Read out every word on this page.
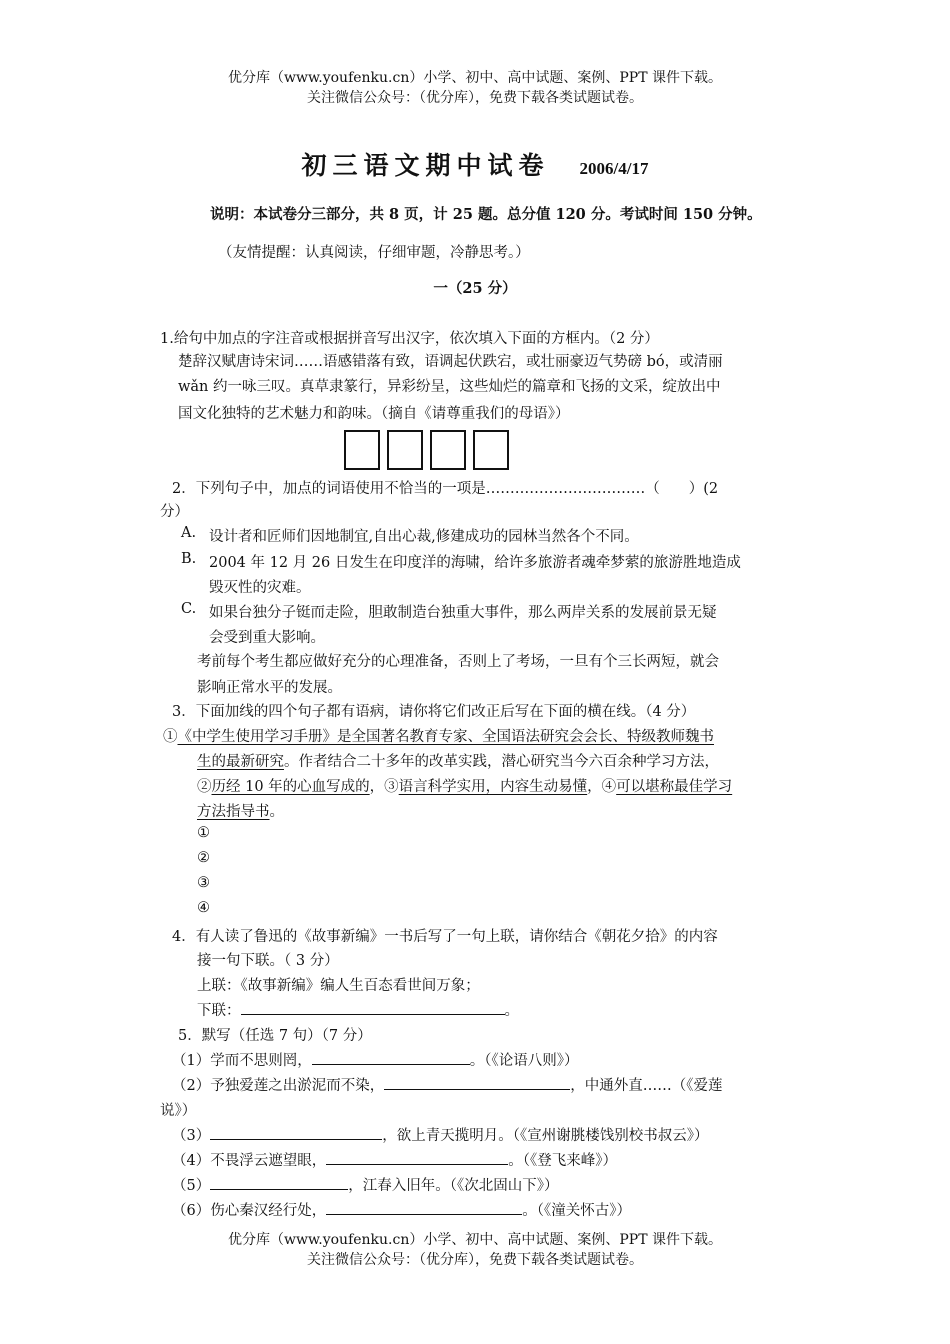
优分库（www.youfenku.cn）小学、初中、高中试题、案例、PPT 课件下载。
关注微信公众号：（优分库），免费下载各类试题试卷。
初三语文期中试卷 2006/4/17
说明：本试卷分三部分，共 8 页，计 25 题。总分值 120 分。考试时间 150 分钟。
（友情提醒：认真阅读，仔细审题，冷静思考。）
一（25 分）
1.给句中加点的字注音或根据拼音写出汉字，依次填入下面的方框内。（2 分）
楚辞汉赋唐诗宋词……语感错落有致，语调起伏跌宕，或壮丽豪迈气势磅 bó，或清丽
wǎn 约一咏三叹。真草隶篆行，异彩纷呈，这些灿烂的篇章和飞扬的文采，绽放出中
国文化独特的艺术魅力和韵味。（摘自《请尊重我们的母语》）
2．下列句子中，加点的词语使用不恰当的一项是……………………………（　　）(2
分）
A. 设计者和匠师们因地制宜,自出心裁,修建成功的园林当然各个不同。
B. 2004 年 12 月 26 日发生在印度洋的海啸，给许多旅游者魂牵梦萦的旅游胜地造成
毁灭性的灾难。
C. 如果台独分子铤而走险，胆敢制造台独重大事件，那么两岸关系的发展前景无疑
会受到重大影响。
考前每个考生都应做好充分的心理准备，否则上了考场，一旦有个三长两短，就会
影响正常水平的发展。
3．下面加线的四个句子都有语病，请你将它们改正后写在下面的横在线。（4 分）
①《中学生使用学习手册》是全国著名教育专家、全国语法研究会会长、特级教师魏书
生的最新研究。作者结合二十多年的改革实践，潜心研究当今六百余种学习方法，
②历经 10 年的心血写成的，③语言科学实用，内容生动易懂，④可以堪称最佳学习
方法指导书。
①
②
③
④
4．有人读了鲁迅的《故事新编》一书后写了一句上联，请你结合《朝花夕拾》的内容
接一句下联。（ 3 分）
上联：《故事新编》编人生百态看世间万象；
下联：	。
5．默写（任选 7 句）（7 分）
（1）学而不思则罔，	。（《论语八则》）
（2）予独爱莲之出淤泥而不染，	，中通外直……（《爱莲
说》）
（3）	，欲上青天揽明月。（《宣州谢朓楼饯别校书叔云》）
（4）不畏浮云遮望眼，	。（《登飞来峰》）
（5）	，江春入旧年。（《次北固山下》）
（6）伤心秦汉经行处，	。（《潼关怀古》）
优分库（www.youfenku.cn）小学、初中、高中试题、案例、PPT 课件下载。
关注微信公众号：（优分库），免费下载各类试题试卷。
